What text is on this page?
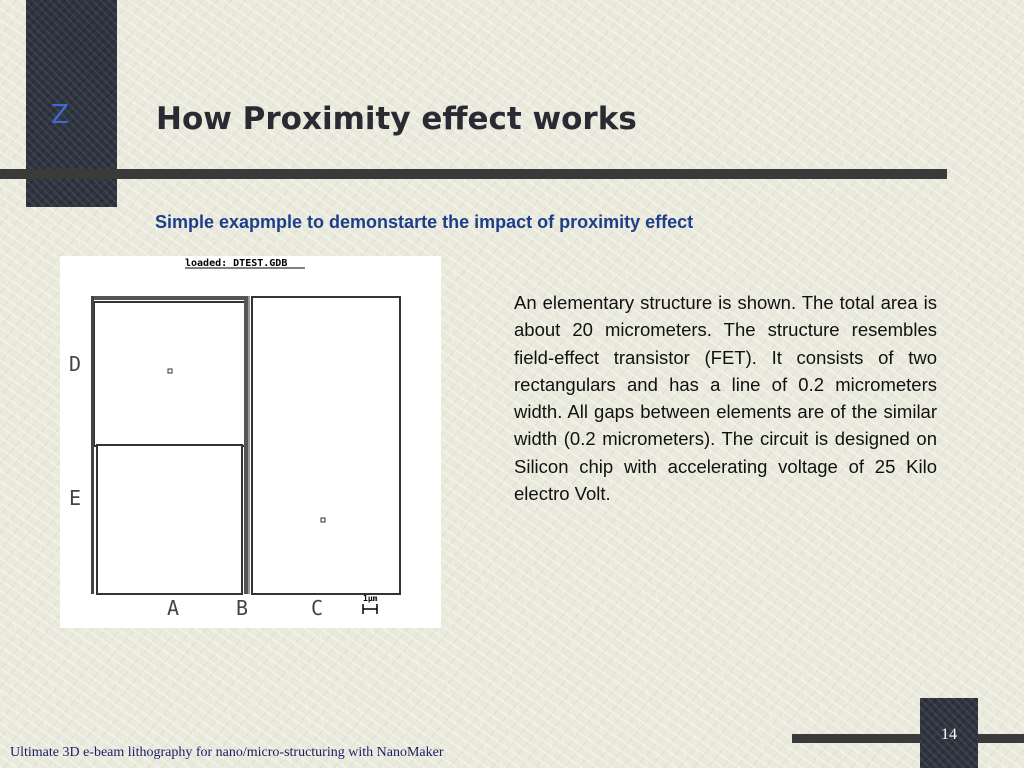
Z	How Proximity effect works
Simple exapmple to demonstarte the impact of proximity effect
loaded: DTEST.GDB
D
E
A	B	C	1µm

An elementary structure is shown. The total area is about 20 micrometers. The structure resembles field-effect transistor (FET). It consists of two rectangulars and has a line of 0.2 micrometers width. All gaps between elements are of the similar width (0.2 micrometers). The circuit is designed on Silicon chip with accelerating voltage of 25 Kilo electro Volt.

14

Ultimate 3D e-beam lithography for nano/micro-structuring with NanoMaker
